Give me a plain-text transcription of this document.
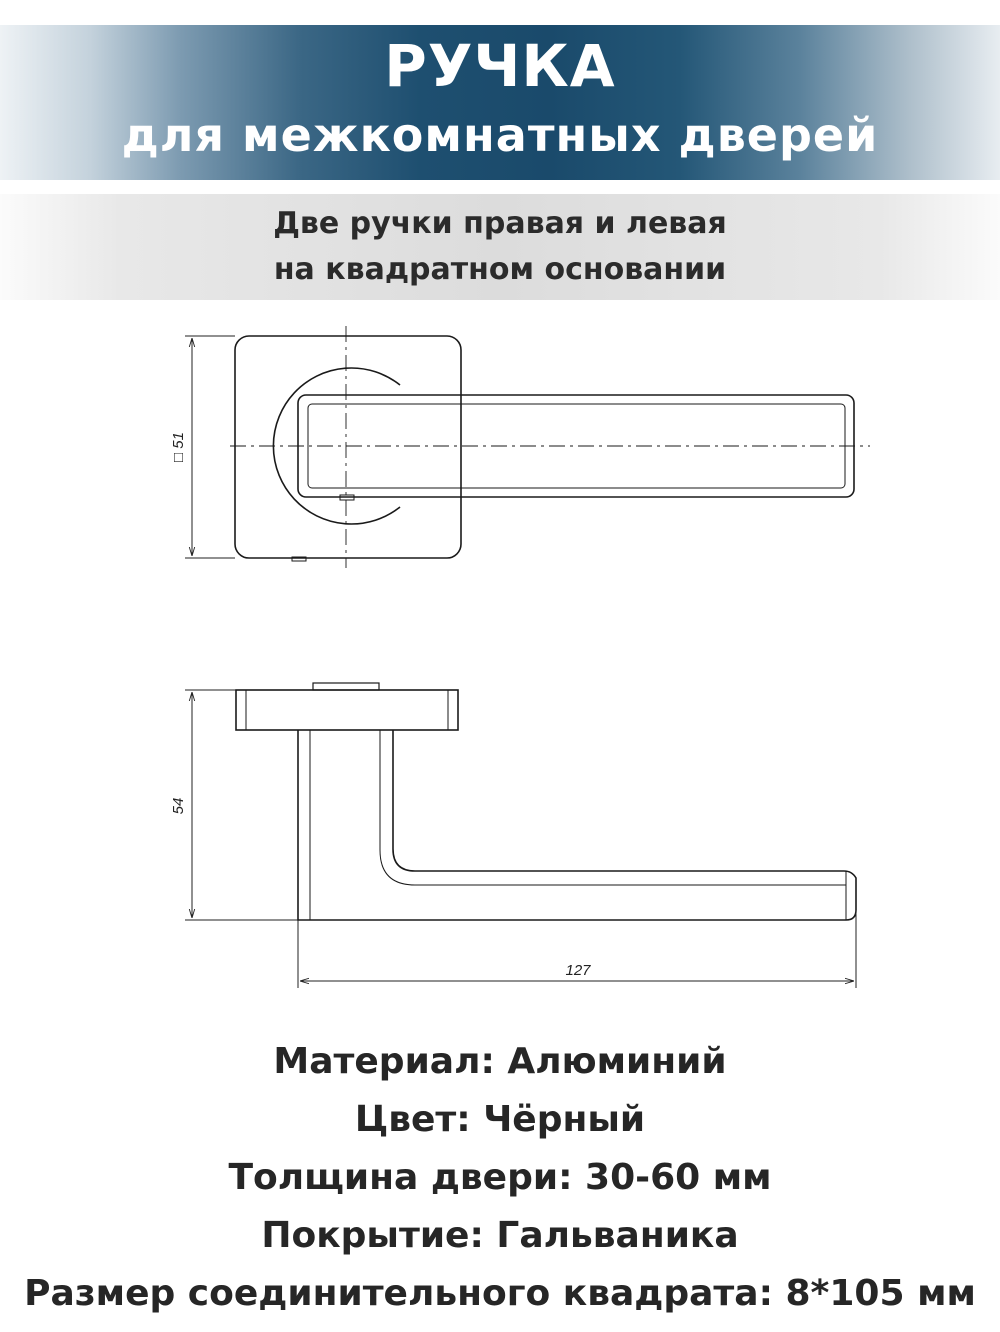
РУЧКА
для межкомнатных дверей
Две ручки правая и левая
на квадратном основании
□ 51
54
127
Материал: Алюминий
Цвет: Чёрный
Толщина двери: 30-60 мм
Покрытие: Гальваника
Размер соединительного квадрата: 8*105 мм
